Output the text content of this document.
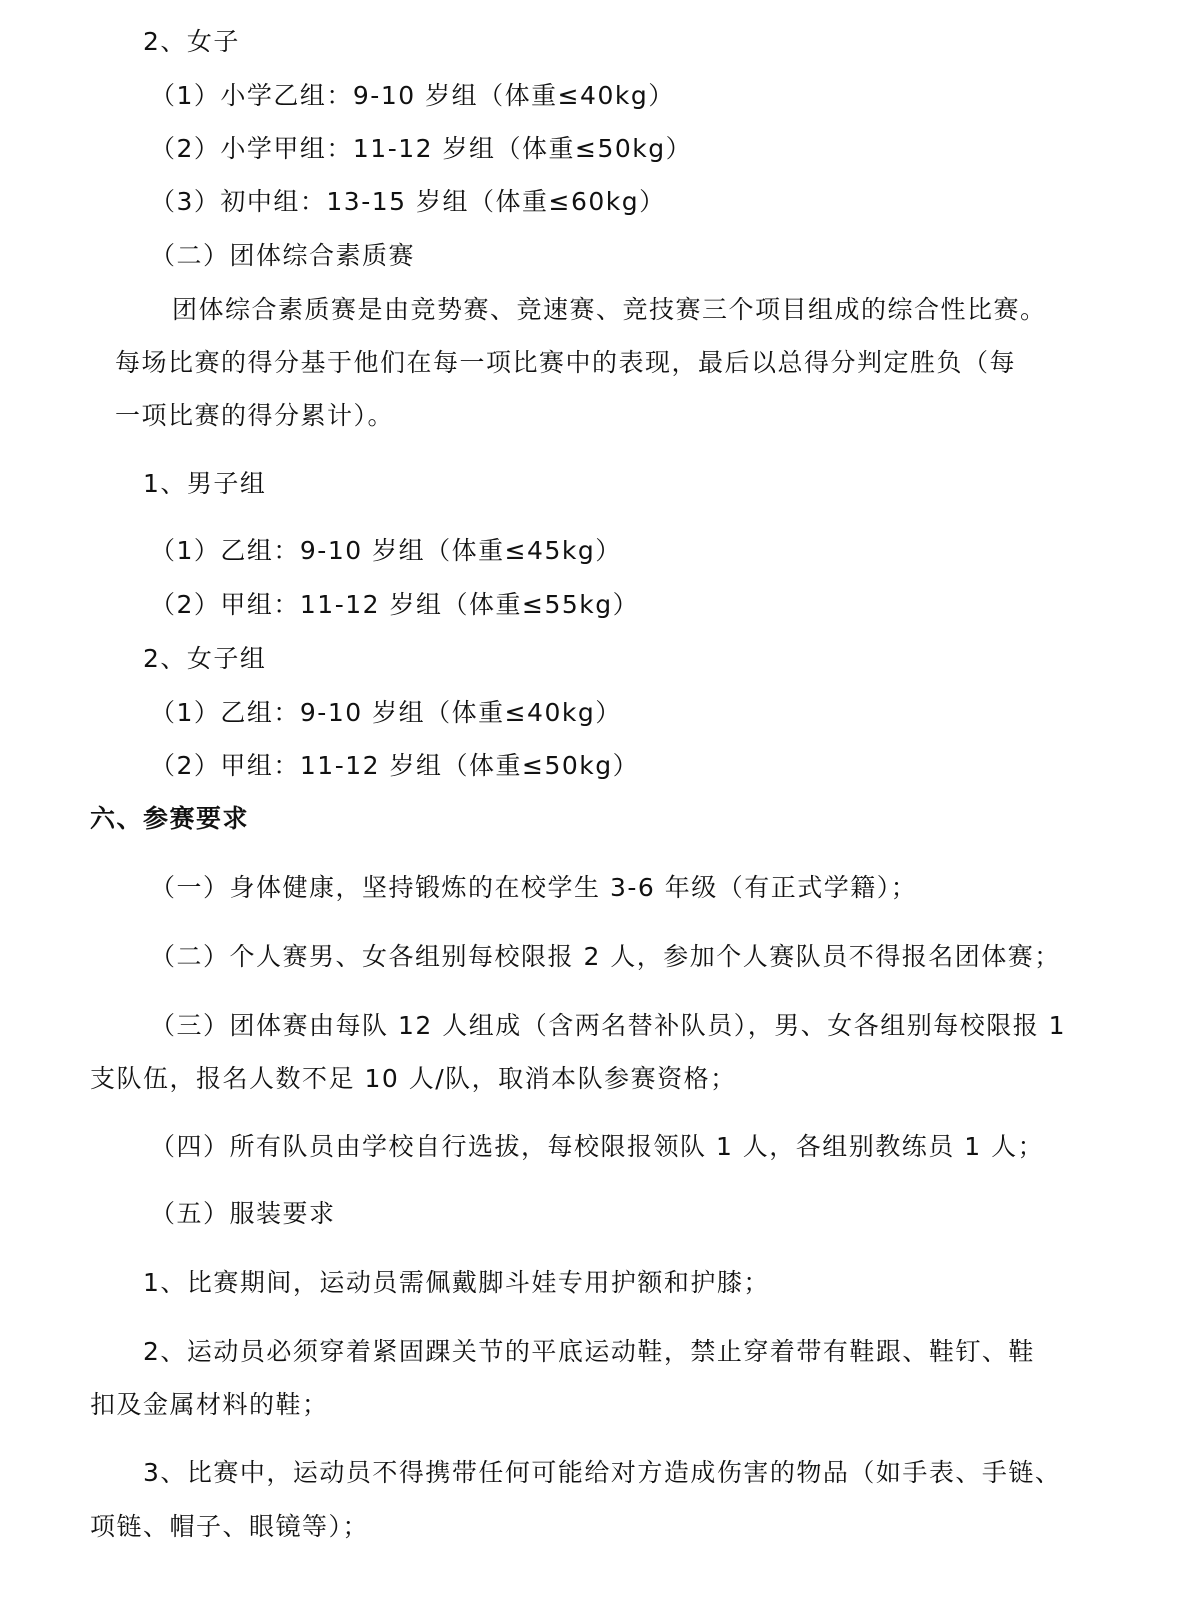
2、女子
（1）小学乙组：9-10 岁组（体重≤40kg）
（2）小学甲组：11-12 岁组（体重≤50kg）
（3）初中组：13-15 岁组（体重≤60kg）
（二）团体综合素质赛
团体综合素质赛是由竞势赛、竞速赛、竞技赛三个项目组成的综合性比赛。
每场比赛的得分基于他们在每一项比赛中的表现，最后以总得分判定胜负（每
一项比赛的得分累计）。
1、男子组
（1）乙组：9-10 岁组（体重≤45kg）
（2）甲组：11-12 岁组（体重≤55kg）
2、女子组
（1）乙组：9-10 岁组（体重≤40kg）
（2）甲组：11-12 岁组（体重≤50kg）
六、参赛要求
（一）身体健康，坚持锻炼的在校学生 3-6 年级（有正式学籍）；
（二）个人赛男、女各组别每校限报 2 人，参加个人赛队员不得报名团体赛；
（三）团体赛由每队 12 人组成（含两名替补队员），男、女各组别每校限报 1
支队伍，报名人数不足 10 人/队，取消本队参赛资格；
（四）所有队员由学校自行选拔，每校限报领队 1 人，各组别教练员 1 人；
（五）服装要求
1、比赛期间，运动员需佩戴脚斗娃专用护额和护膝；
2、运动员必须穿着紧固踝关节的平底运动鞋，禁止穿着带有鞋跟、鞋钉、鞋
扣及金属材料的鞋；
3、比赛中，运动员不得携带任何可能给对方造成伤害的物品（如手表、手链、
项链、帽子、眼镜等）；
